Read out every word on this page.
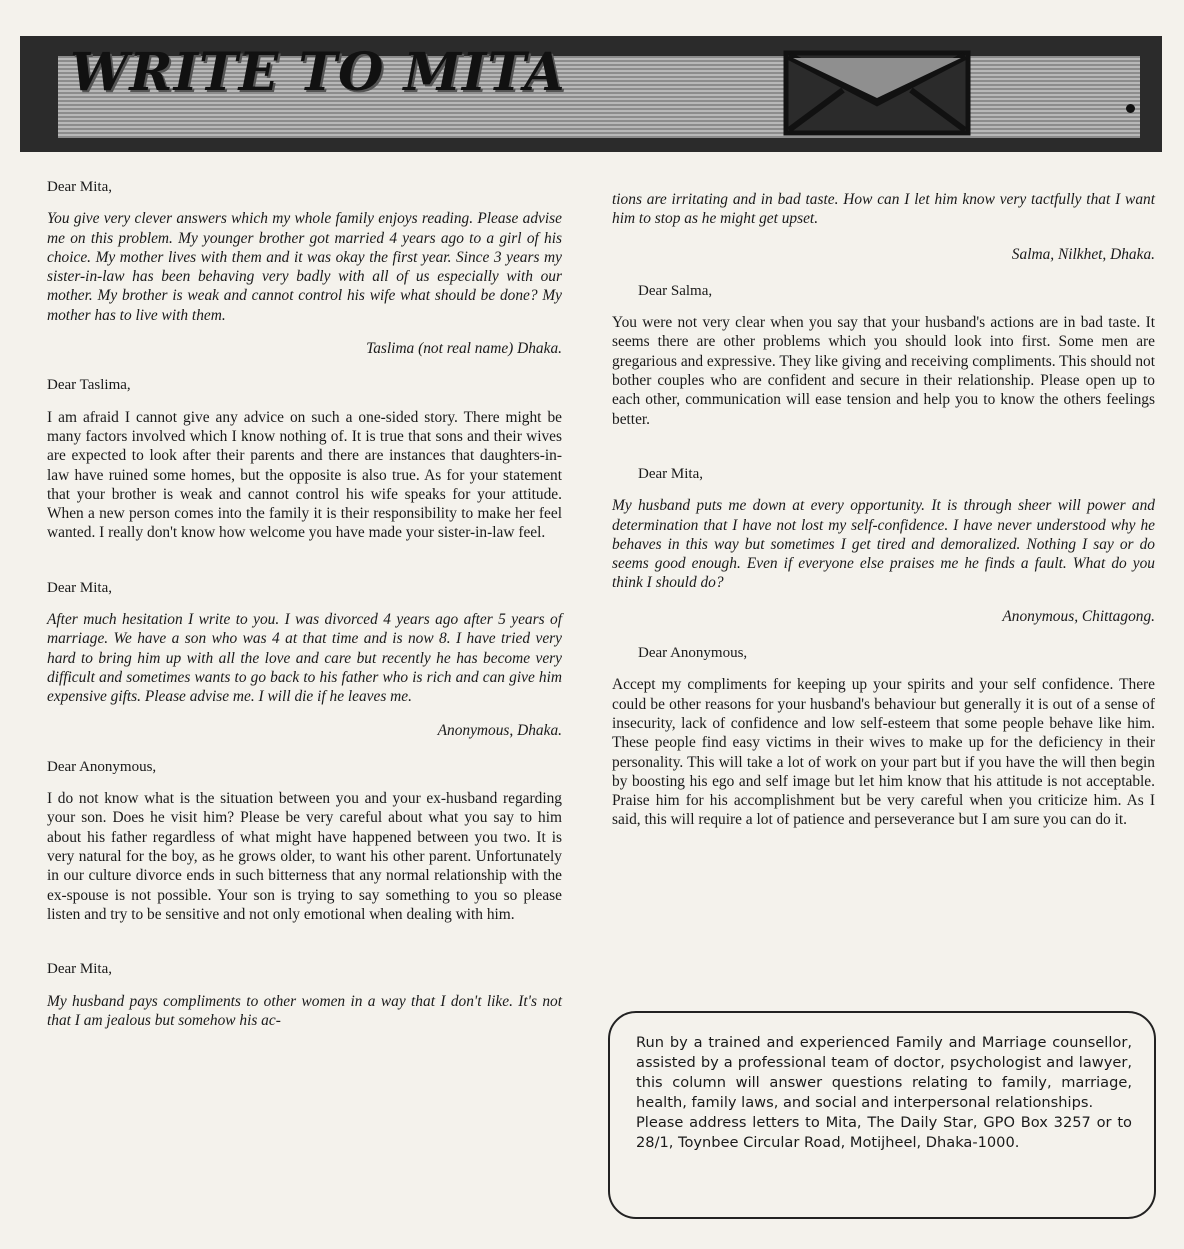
WRITE TO MITA

Dear Mita,

You give very clever answers which my whole family enjoys reading. Please advise me on this problem. My younger brother got married 4 years ago to a girl of his choice. My mother lives with them and it was okay the first year. Since 3 years my sister-in-law has been behaving very badly with all of us especially with our mother. My brother is weak and cannot control his wife what should be done? My mother has to live with them.

Taslima (not real name) Dhaka.

Dear Taslima,

I am afraid I cannot give any advice on such a one-sided story. There might be many factors involved which I know nothing of. It is true that sons and their wives are expected to look after their parents and there are instances that daughters-in-law have ruined some homes, but the opposite is also true. As for your statement that your brother is weak and cannot control his wife speaks for your attitude. When a new person comes into the family it is their responsibility to make her feel wanted. I really don't know how welcome you have made your sister-in-law feel.

Dear Mita,

After much hesitation I write to you. I was divorced 4 years ago after 5 years of marriage. We have a son who was 4 at that time and is now 8. I have tried very hard to bring him up with all the love and care but recently he has become very difficult and sometimes wants to go back to his father who is rich and can give him expensive gifts. Please advise me. I will die if he leaves me.

Anonymous, Dhaka.

Dear Anonymous,

I do not know what is the situation between you and your ex-husband regarding your son. Does he visit him? Please be very careful about what you say to him about his father regardless of what might have happened between you two. It is very natural for the boy, as he grows older, to want his other parent. Unfortunately in our culture divorce ends in such bitterness that any normal relationship with the ex-spouse is not possible. Your son is trying to say something to you so please listen and try to be sensitive and not only emotional when dealing with him.

Dear Mita,

My husband pays compliments to other women in a way that I don't like. It's not that I am jealous but somehow his ac-

tions are irritating and in bad taste. How can I let him know very tactfully that I want him to stop as he might get upset.

Salma, Nilkhet, Dhaka.

Dear Salma,

You were not very clear when you say that your husband's actions are in bad taste. It seems there are other problems which you should look into first. Some men are gregarious and expressive. They like giving and receiving compliments. This should not bother couples who are confident and secure in their relationship. Please open up to each other, communication will ease tension and help you to know the others feelings better.

Dear Mita,

My husband puts me down at every opportunity. It is through sheer will power and determination that I have not lost my self-confidence. I have never understood why he behaves in this way but sometimes I get tired and demoralized. Nothing I say or do seems good enough. Even if everyone else praises me he finds a fault. What do you think I should do?

Anonymous, Chittagong.

Dear Anonymous,

Accept my compliments for keeping up your spirits and your self confidence. There could be other reasons for your husband's behaviour but generally it is out of a sense of insecurity, lack of confidence and low self-esteem that some people behave like him. These people find easy victims in their wives to make up for the deficiency in their personality. This will take a lot of work on your part but if you have the will then begin by boosting his ego and self image but let him know that his attitude is not acceptable. Praise him for his accomplishment but be very careful when you criticize him. As I said, this will require a lot of patience and perseverance but I am sure you can do it.

Run by a trained and experienced Family and Marriage counsellor, assisted by a professional team of doctor, psychologist and lawyer, this column will answer questions relating to family, marriage, health, family laws, and social and interpersonal relationships.

Please address letters to Mita, The Daily Star, GPO Box 3257 or to 28/1, Toynbee Circular Road, Motijheel, Dhaka-1000.
